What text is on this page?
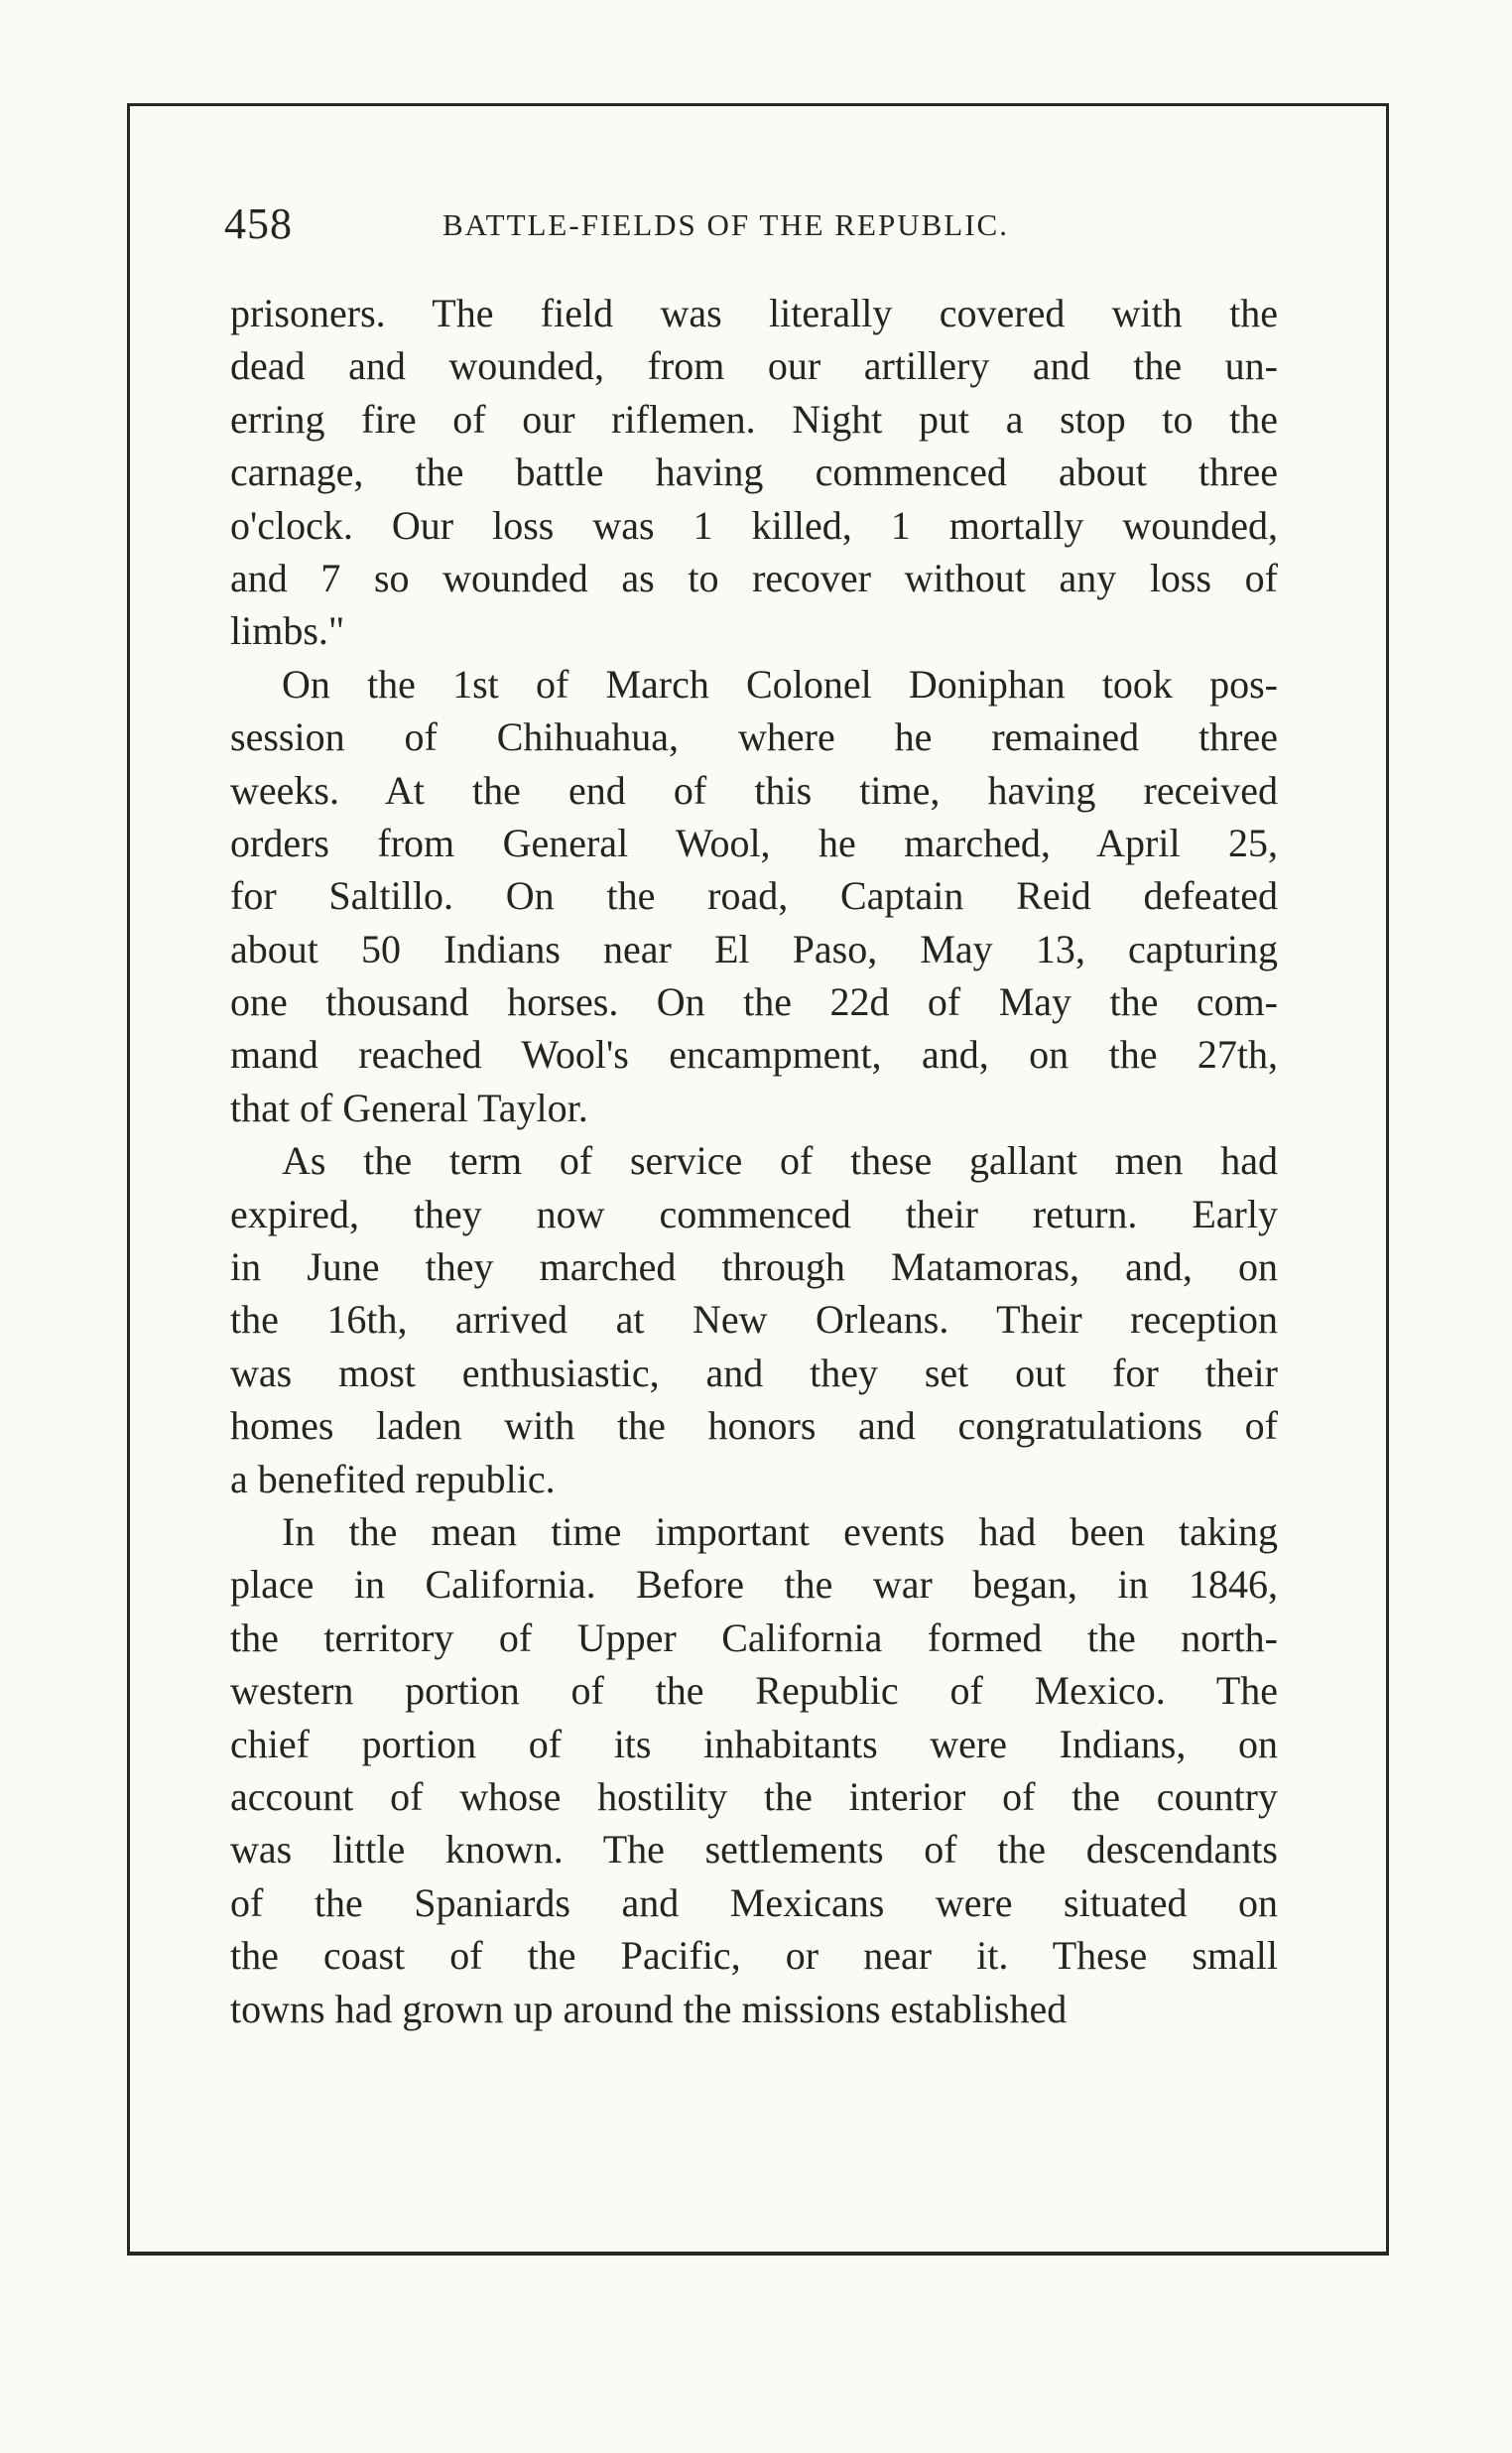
458	BATTLE-FIELDS OF THE REPUBLIC.
prisoners. The field was literally covered with the
dead and wounded, from our artillery and the un-
erring fire of our riflemen. Night put a stop to the
carnage, the battle having commenced about three
o'clock. Our loss was 1 killed, 1 mortally wounded,
and 7 so wounded as to recover without any loss of
limbs."
On the 1st of March Colonel Doniphan took pos-
session of Chihuahua, where he remained three
weeks. At the end of this time, having received
orders from General Wool, he marched, April 25,
for Saltillo. On the road, Captain Reid defeated
about 50 Indians near El Paso, May 13, capturing
one thousand horses. On the 22d of May the com-
mand reached Wool's encampment, and, on the 27th,
that of General Taylor.
As the term of service of these gallant men had
expired, they now commenced their return. Early
in June they marched through Matamoras, and, on
the 16th, arrived at New Orleans. Their reception
was most enthusiastic, and they set out for their
homes laden with the honors and congratulations of
a benefited republic.
In the mean time important events had been taking
place in California. Before the war began, in 1846,
the territory of Upper California formed the north-
western portion of the Republic of Mexico. The
chief portion of its inhabitants were Indians, on
account of whose hostility the interior of the country
was little known. The settlements of the descendants
of the Spaniards and Mexicans were situated on
the coast of the Pacific, or near it. These small
towns had grown up around the missions established
